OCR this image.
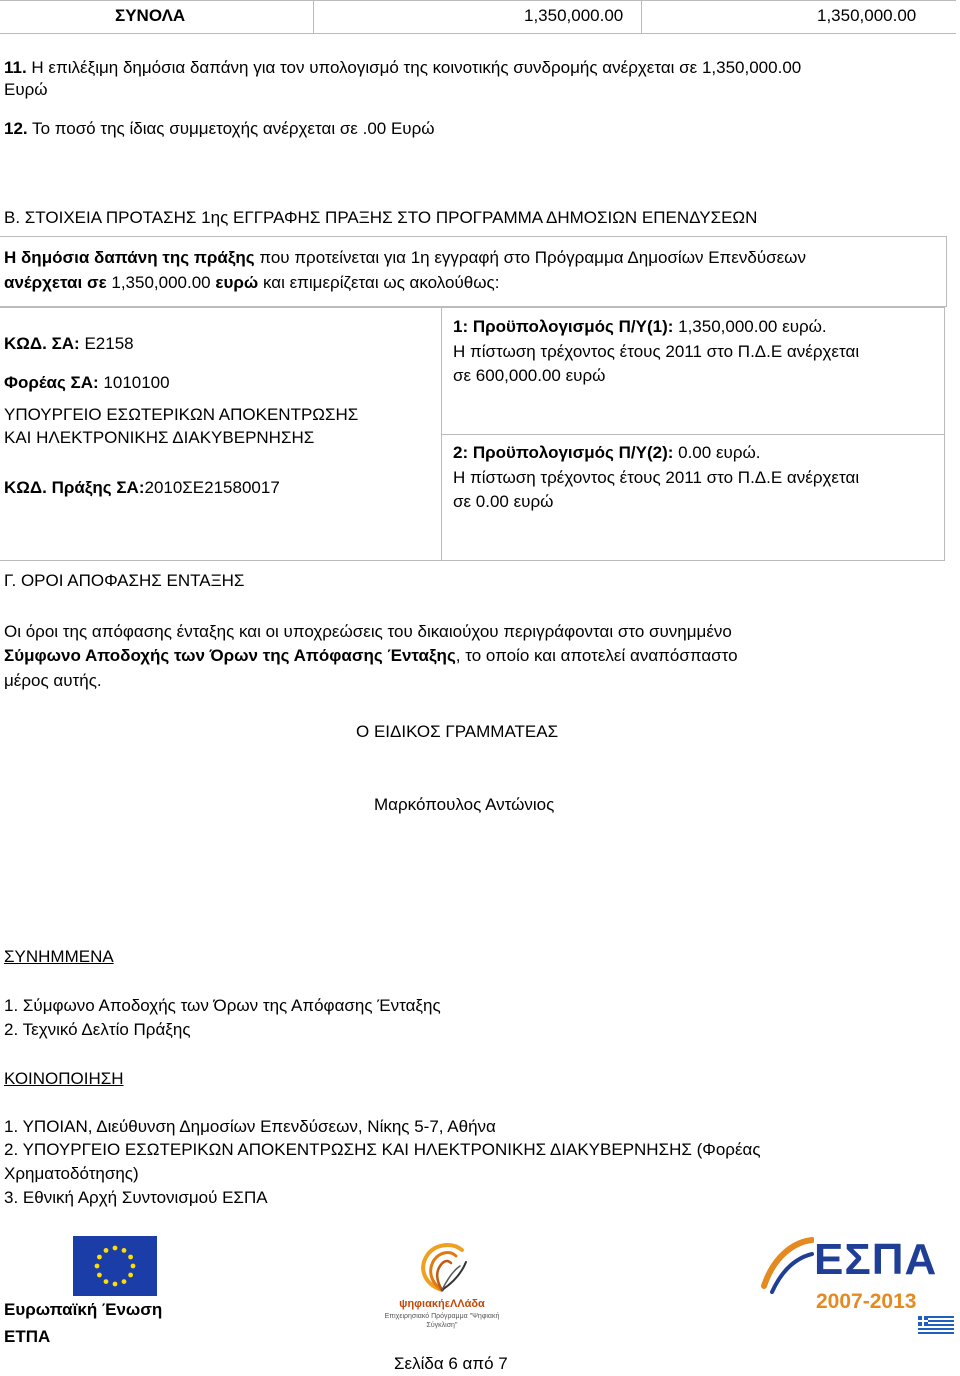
ΣΥΝΟΛΑ	1,350,000.00	1,350,000.00
11. Η επιλέξιμη δημόσια δαπάνη για τον υπολογισμό της κοινοτικής συνδρομής ανέρχεται σε 1,350,000.00
Ευρώ
12. Το ποσό της ίδιας συμμετοχής ανέρχεται σε .00 Ευρώ
Β. ΣΤΟΙΧΕΙΑ ΠΡΟΤΑΣΗΣ 1ης ΕΓΓΡΑΦΗΣ ΠΡΑΞΗΣ ΣΤΟ ΠΡΟΓΡΑΜΜΑ ΔΗΜΟΣΙΩΝ ΕΠΕΝΔΥΣΕΩΝ
Η δημόσια δαπάνη της πράξης που προτείνεται για 1η εγγραφή στο Πρόγραμμα Δημοσίων Επενδύσεων
ανέρχεται σε 1,350,000.00 ευρώ και επιμερίζεται ως ακολούθως:
ΚΩΔ. ΣΑ: Ε2158
Φορέας ΣΑ: 1010100
ΥΠΟΥΡΓΕΙΟ ΕΣΩΤΕΡΙΚΩΝ ΑΠΟΚΕΝΤΡΩΣΗΣ
ΚΑΙ ΗΛΕΚΤΡΟΝΙΚΗΣ ΔΙΑΚΥΒΕΡΝΗΣΗΣ
ΚΩΔ. Πράξης ΣΑ:2010ΣΕ21580017
1: Προϋπολογισμός Π/Υ(1): 1,350,000.00 ευρώ.
Η πίστωση τρέχοντος έτους 2011 στο Π.Δ.Ε ανέρχεται
σε 600,000.00 ευρώ
2: Προϋπολογισμός Π/Υ(2): 0.00 ευρώ.
Η πίστωση τρέχοντος έτους 2011 στο Π.Δ.Ε ανέρχεται
σε 0.00 ευρώ
Γ. ΟΡΟΙ ΑΠΟΦΑΣΗΣ ΕΝΤΑΞΗΣ
Οι όροι της απόφασης ένταξης και οι υποχρεώσεις του δικαιούχου περιγράφονται στο συνημμένο
Σύμφωνο Αποδοχής των Όρων της Απόφασης Ένταξης, το οποίο και αποτελεί αναπόσπαστο
μέρος αυτής.
Ο ΕΙΔΙΚΟΣ ΓΡΑΜΜΑΤΕΑΣ
Μαρκόπουλος Αντώνιος
ΣΥΝΗΜΜΕΝΑ
1. Σύμφωνο Αποδοχής των Όρων της Απόφασης Ένταξης
2. Τεχνικό Δελτίο Πράξης
ΚΟΙΝΟΠΟΙΗΣΗ
1. ΥΠΟΙΑΝ, Διεύθυνση Δημοσίων Επενδύσεων, Νίκης 5-7, Αθήνα
2. ΥΠΟΥΡΓΕΙΟ ΕΣΩΤΕΡΙΚΩΝ ΑΠΟΚΕΝΤΡΩΣΗΣ ΚΑΙ ΗΛΕΚΤΡΟΝΙΚΗΣ ΔΙΑΚΥΒΕΡΝΗΣΗΣ (Φορέας
Χρηματοδότησης)
3. Εθνική Αρχή Συντονισμού ΕΣΠΑ
Ευρωπαϊκή Ένωση
ΕΤΠΑ
ψηφιακήεΛΛάδα
Επιχειρησιακό Πρόγραμμα "Ψηφιακή Σύγκλιση"
Σελίδα 6 από 7
ΕΣΠΑ
2007-2013
